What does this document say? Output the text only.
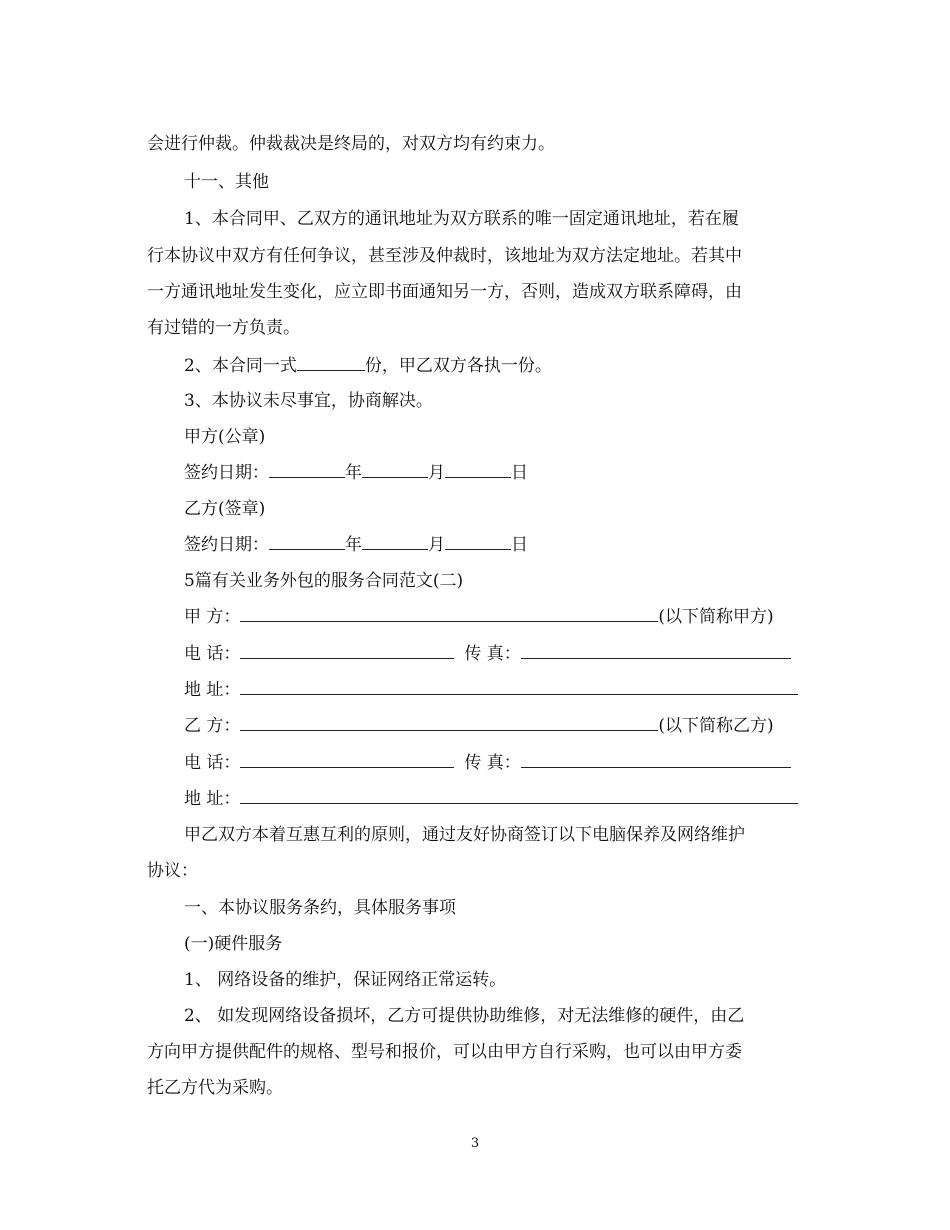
会进行仲裁。仲裁裁决是终局的，对双方均有约束力。
十一、其他
1、本合同甲、乙双方的通讯地址为双方联系的唯一固定通讯地址，若在履
行本协议中双方有任何争议，甚至涉及仲裁时，该地址为双方法定地址。若其中
一方通讯地址发生变化，应立即书面通知另一方，否则，造成双方联系障碍，由
有过错的一方负责。
2、本合同一式	份，甲乙双方各执一份。
3、本协议未尽事宜，协商解决。
甲方(公章)
签约日期：	年	月	日
乙方(签章)
签约日期：	年	月	日
5篇有关业务外包的服务合同范文(二)
甲 方：	(以下简称甲方)
电 话：	传 真：
地 址：
乙 方：	(以下简称乙方)
电 话：	传 真：
地 址：
甲乙双方本着互惠互利的原则，通过友好协商签订以下电脑保养及网络维护
协议：
一、本协议服务条约，具体服务事项
(一)硬件服务
1、 网络设备的维护，保证网络正常运转。
2、 如发现网络设备损坏，乙方可提供协助维修，对无法维修的硬件，由乙
方向甲方提供配件的规格、型号和报价，可以由甲方自行采购，也可以由甲方委
托乙方代为采购。
3
